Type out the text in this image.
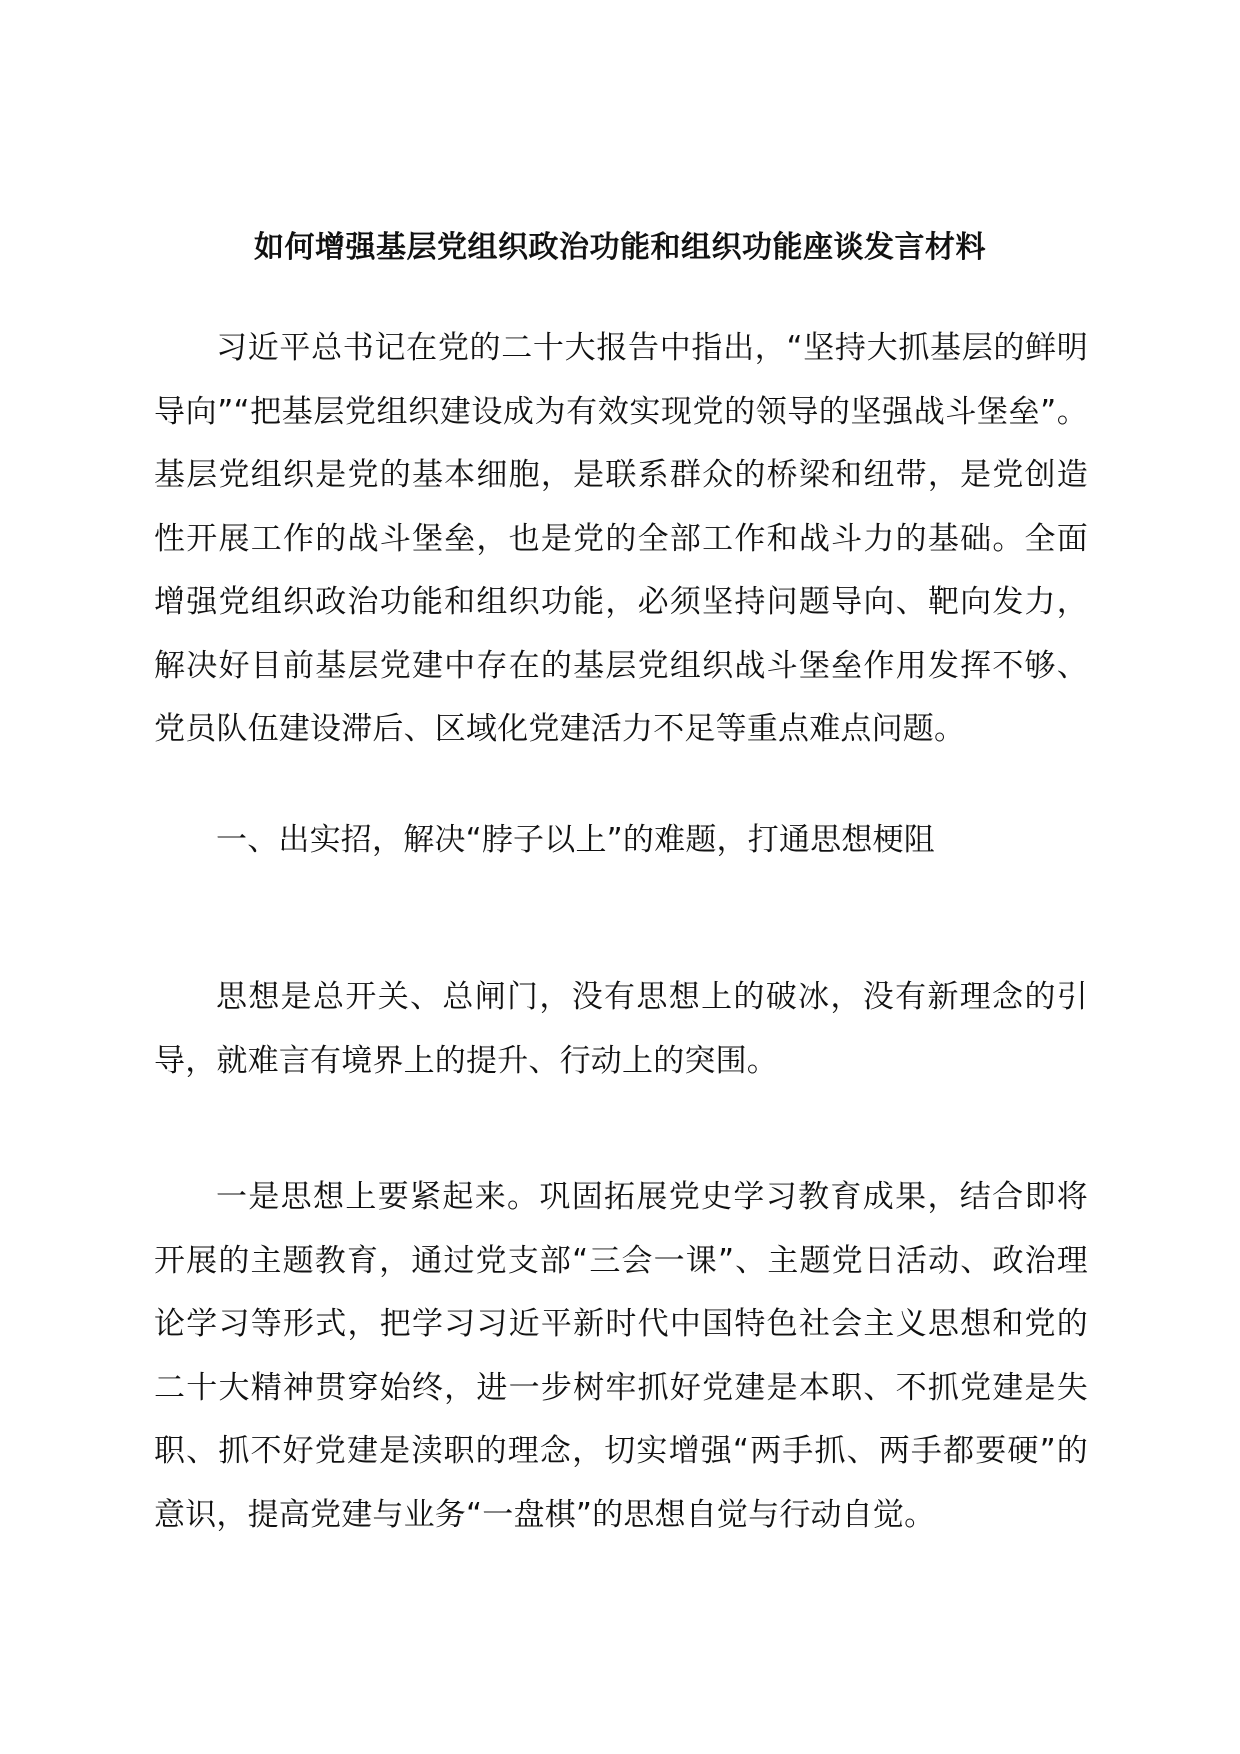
如何增强基层党组织政治功能和组织功能座谈发言材料

习近平总书记在党的二十大报告中指出，“坚持大抓基层的鲜明导向”“把基层党组织建设成为有效实现党的领导的坚强战斗堡垒”。基层党组织是党的基本细胞，是联系群众的桥梁和纽带，是党创造性开展工作的战斗堡垒，也是党的全部工作和战斗力的基础。全面增强党组织政治功能和组织功能，必须坚持问题导向、靶向发力，解决好目前基层党建中存在的基层党组织战斗堡垒作用发挥不够、党员队伍建设滞后、区域化党建活力不足等重点难点问题。

一、出实招，解决“脖子以上”的难题，打通思想梗阻

思想是总开关、总闸门，没有思想上的破冰，没有新理念的引导，就难言有境界上的提升、行动上的突围。

一是思想上要紧起来。巩固拓展党史学习教育成果，结合即将开展的主题教育，通过党支部“三会一课”、主题党日活动、政治理论学习等形式，把学习习近平新时代中国特色社会主义思想和党的二十大精神贯穿始终，进一步树牢抓好党建是本职、不抓党建是失职、抓不好党建是渎职的理念，切实增强“两手抓、两手都要硬”的意识，提高党建与业务“一盘棋”的思想自觉与行动自觉。
